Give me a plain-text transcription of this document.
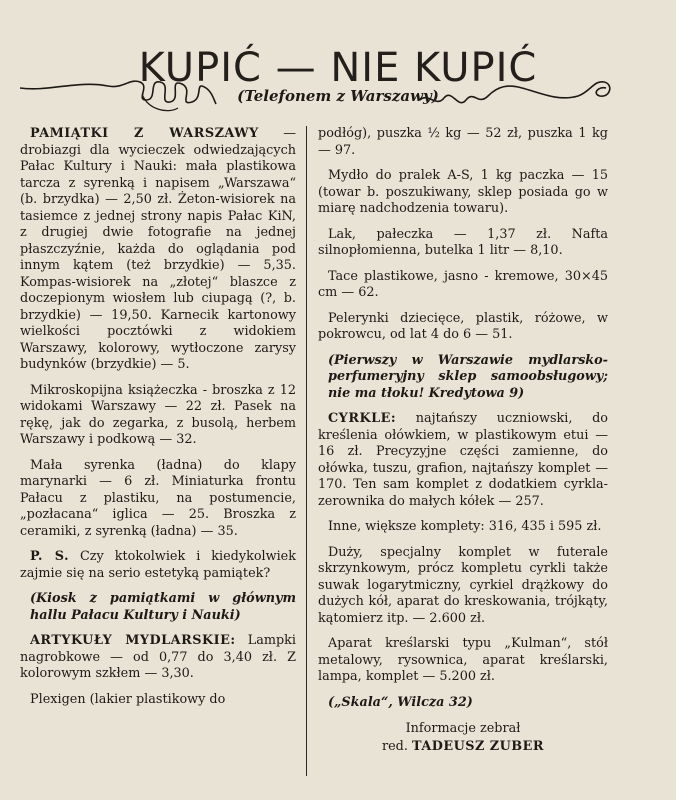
KUPIĆ — NIE KUPIĆ
(Telefonem z Warszawy)

PAMIĄTKI Z WARSZAWY — drobiazgi dla wycieczek odwiedzających Pałac Kultury i Nauki: mała plastikowa tarcza z syrenką i napisem „Warszawa“ (b. brzydka) — 2,50 zł. Żeton-wisiorek na tasiemce z jednej strony napis Pałac KiN, z drugiej dwie fotografie na jednej płaszczyźnie, każda do oglądania pod innym kątem (też brzydkie) — 5,35. Kompas-wisiorek na „złotej“ blaszce z doczepionym wiosłem lub ciupagą (?, b. brzydkie) — 19,50. Karnecik kartonowy wielkości pocztówki z widokiem Warszawy, kolorowy, wytłoczone zarysy budynków (brzydkie) — 5.

Mikroskopijna książeczka - broszka z 12 widokami Warszawy — 22 zł. Pasek na rękę, jak do zegarka, z busolą, herbem Warszawy i podkową — 32.

Mała syrenka (ładna) do klapy marynarki — 6 zł. Miniaturka frontu Pałacu z plastiku, na postumencie, „pozłacana“ iglica — 25. Broszka z ceramiki, z syrenką (ładna) — 35.

P. S. Czy ktokolwiek i kiedykolwiek zajmie się na serio estetyką pamiątek?

(Kiosk z pamiątkami w głównym hallu Pałacu Kultury i Nauki)

ARTYKUŁY MYDLARSKIE: Lampki nagrobkowe — od 0,77 do 3,40 zł. Z kolorowym szkłem — 3,30.

Plexigen (lakier plastikowy do

podłóg), puszka ½ kg — 52 zł, puszka 1 kg — 97.

Mydło do pralek A-S, 1 kg paczka — 15 (towar b. poszukiwany, sklep posiada go w miarę nadchodzenia towaru).

Lak, pałeczka — 1,37 zł. Nafta silnopłomienna, butelka 1 litr — 8,10.

Tace plastikowe, jasno - kremowe, 30×45 cm — 62.

Pelerynki dziecięce, plastik, różowe, w pokrowcu, od lat 4 do 6 — 51.

(Pierwszy w Warszawie mydlarsko-perfumeryjny sklep samoobsługowy; nie ma tłoku! Kredytowa 9)

CYRKLE: najtańszy uczniowski, do kreślenia ołówkiem, w plastikowym etui — 16 zł. Precyzyjne części zamienne, do ołówka, tuszu, grafion, najtańszy komplet — 170. Ten sam komplet z dodatkiem cyrkla-zerownika do małych kółek — 257.

Inne, większe komplety: 316, 435 i 595 zł.

Duży, specjalny komplet w futerale skrzynkowym, prócz kompletu cyrkli także suwak logarytmiczny, cyrkiel drążkowy do dużych kół, aparat do kreskowania, trójkąty, kątomierz itp. — 2.600 zł.

Aparat kreślarski typu „Kulman“, stół metalowy, rysownica, aparat kreślarski, lampa, komplet — 5.200 zł.

(„Skala“, Wilcza 32)

Informacje zebrał
red. TADEUSZ ZUBER
